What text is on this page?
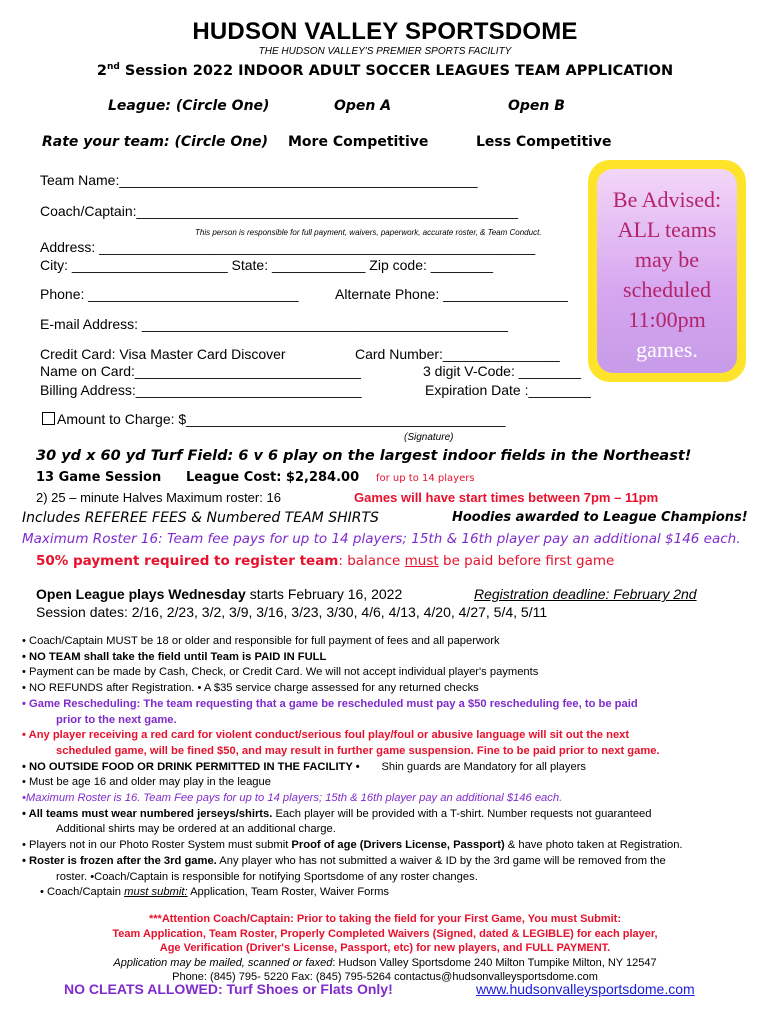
HUDSON VALLEY SPORTSDOME
THE HUDSON VALLEY'S PREMIER SPORTS FACILITY
2nd Session 2022 INDOOR ADULT SOCCER LEAGUES TEAM APPLICATION
League: (Circle One)	Open A	Open B
Rate your team: (Circle One) More Competitive	Less Competitive
Team Name:______________________________________________
Coach/Captain:_________________________________________________
This person is responsible for full payment, waivers, paperwork, accurate roster, & Team Conduct.
Address: ________________________________________________________
City: ____________________ State: ____________ Zip code: ________
Phone: ___________________________	Alternate Phone: ________________
E-mail Address: _______________________________________________
Credit Card: Visa Master Card Discover	Card Number:_______________
Name on Card:_____________________________	3 digit V-Code: ________
Billing Address:_____________________________	Expiration Date :________
Amount to Charge: $_________________________________________
(Signature)
Be Advised:
ALL teams
may be
scheduled
11:00pm
games.
30 yd x 60 yd Turf Field: 6 v 6 play on the largest indoor fields in the Northeast!
13 Game Session League Cost: $2,284.00 for up to 14 players
2) 25 – minute Halves Maximum roster: 16	Games will have start times between 7pm – 11pm
Includes REFEREE FEES & Numbered TEAM SHIRTS	Hoodies awarded to League Champions!
Maximum Roster 16: Team fee pays for up to 14 players; 15th & 16th player pay an additional $146 each.
50% payment required to register team: balance must be paid before first game
Open League plays Wednesday starts February 16, 2022	Registration deadline: February 2nd
Session dates: 2/16, 2/23, 3/2, 3/9, 3/16, 3/23, 3/30, 4/6, 4/13, 4/20, 4/27, 5/4, 5/11
• Coach/Captain MUST be 18 or older and responsible for full payment of fees and all paperwork
• NO TEAM shall take the field until Team is PAID IN FULL
• Payment can be made by Cash, Check, or Credit Card. We will not accept individual player's payments
• NO REFUNDS after Registration. • A $35 service charge assessed for any returned checks
• Game Rescheduling: The team requesting that a game be rescheduled must pay a $50 rescheduling fee, to be paid
prior to the next game.
• Any player receiving a red card for violent conduct/serious foul play/foul or abusive language will sit out the next
scheduled game, will be fined $50, and may result in further game suspension. Fine to be paid prior to next game.
• NO OUTSIDE FOOD OR DRINK PERMITTED IN THE FACILITY • Shin guards are Mandatory for all players
• Must be age 16 and older may play in the league
•Maximum Roster is 16. Team Fee pays for up to 14 players; 15th & 16th player pay an additional $146 each.
• All teams must wear numbered jerseys/shirts. Each player will be provided with a T-shirt. Number requests not guaranteed
Additional shirts may be ordered at an additional charge.
• Players not in our Photo Roster System must submit Proof of age (Drivers License, Passport) & have photo taken at Registration.
• Roster is frozen after the 3rd game. Any player who has not submitted a waiver & ID by the 3rd game will be removed from the
roster. •Coach/Captain is responsible for notifying Sportsdome of any roster changes.
• Coach/Captain must submit: Application, Team Roster, Waiver Forms
***Attention Coach/Captain: Prior to taking the field for your First Game, You must Submit:
Team Application, Team Roster, Properly Completed Waivers (Signed, dated & LEGIBLE) for each player,
Age Verification (Driver's License, Passport, etc) for new players, and FULL PAYMENT.
Application may be mailed, scanned or faxed: Hudson Valley Sportsdome 240 Milton Tumpike Milton, NY 12547
Phone: (845) 795- 5220 Fax: (845) 795-5264 contactus@hudsonvalleysportsdome.com
NO CLEATS ALLOWED: Turf Shoes or Flats Only!	www.hudsonvalleysportsdome.com
